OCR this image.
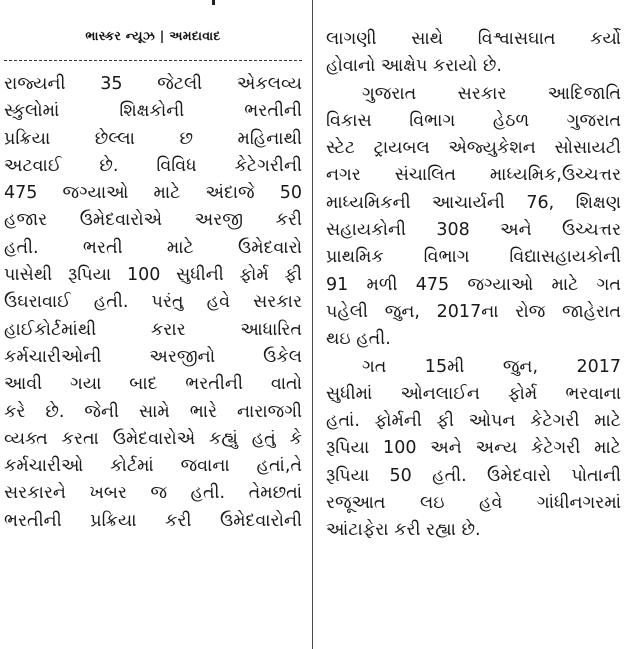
ભાસ્કર ન્યૂઝ | અમદાવાદ
રાજ્યની 35 જેટલી એકલવ્ય
સ્કુલોમાં શિક્ષકોની ભરતીની
પ્રક્રિયા છેલ્લા છ મહિનાથી
અટવાઈ છે. વિવિધ કેટેગરીની
475 જગ્યાઓ માટે અંદાજે 50
હજાર ઉમેદવારોએ અરજી કરી
હતી. ભરતી માટે ઉમેદવારો
પાસેથી રૂપિયા 100 સુધીની ફોર્મ ફી
ઉઘરાવાઈ હતી. પરંતુ હવે સરકાર
હાઈકોર્ટમાંથી કરાર આધારિત
કર્મચારીઓની અરજીનો ઉકેલ
આવી ગયા બાદ ભરતીની વાતો
કરે છે. જેની સામે ભારે નારાજગી
વ્યક્ત કરતા ઉમેદવારોએ કહ્યું હતું કે
કર્મચારીઓ કોર્ટમાં જવાના હતાં,તે
સરકારને ખબર જ હતી. તેમછતાં
ભરતીની પ્રક્રિયા કરી ઉમેદવારોની
લાગણી સાથે વિશ્વાસઘાત કર્યો
હોવાનો આક્ષેપ કરાયો છે.
ગુજરાત સરકાર આદિજાતિ
વિકાસ વિભાગ હેઠળ ગુજરાત
સ્ટેટ ટ્રાયબલ એજ્યુકેશન સોસાયટી
નગર સંચાલિત માધ્યમિક,ઉચ્ચત્તર
માધ્યમિકની આચાર્યની 76, શિક્ષણ
સહાયકોની 308 અને ઉચ્ચત્તર
પ્રાથમિક વિભાગ વિદ્યાસહાયકોની
91 મળી 475 જગ્યાઓ માટે ગત
પહેલી જુન, 2017ના રોજ જાહેરાત
થઇ હતી.
ગત 15મી જુન, 2017
સુધીમાં ઓનલાઈન ફોર્મ ભરવાના
હતાં. ફોર્મની ફી ઓપન કેટેગરી માટે
રૂપિયા 100 અને અન્ય કેટેગરી માટે
રૂપિયા 50 હતી. ઉમેદવારો પોતાની
રજૂઆત લઇ હવે ગાંધીનગરમાં
આંટાફેરા કરી રહ્યા છે.
